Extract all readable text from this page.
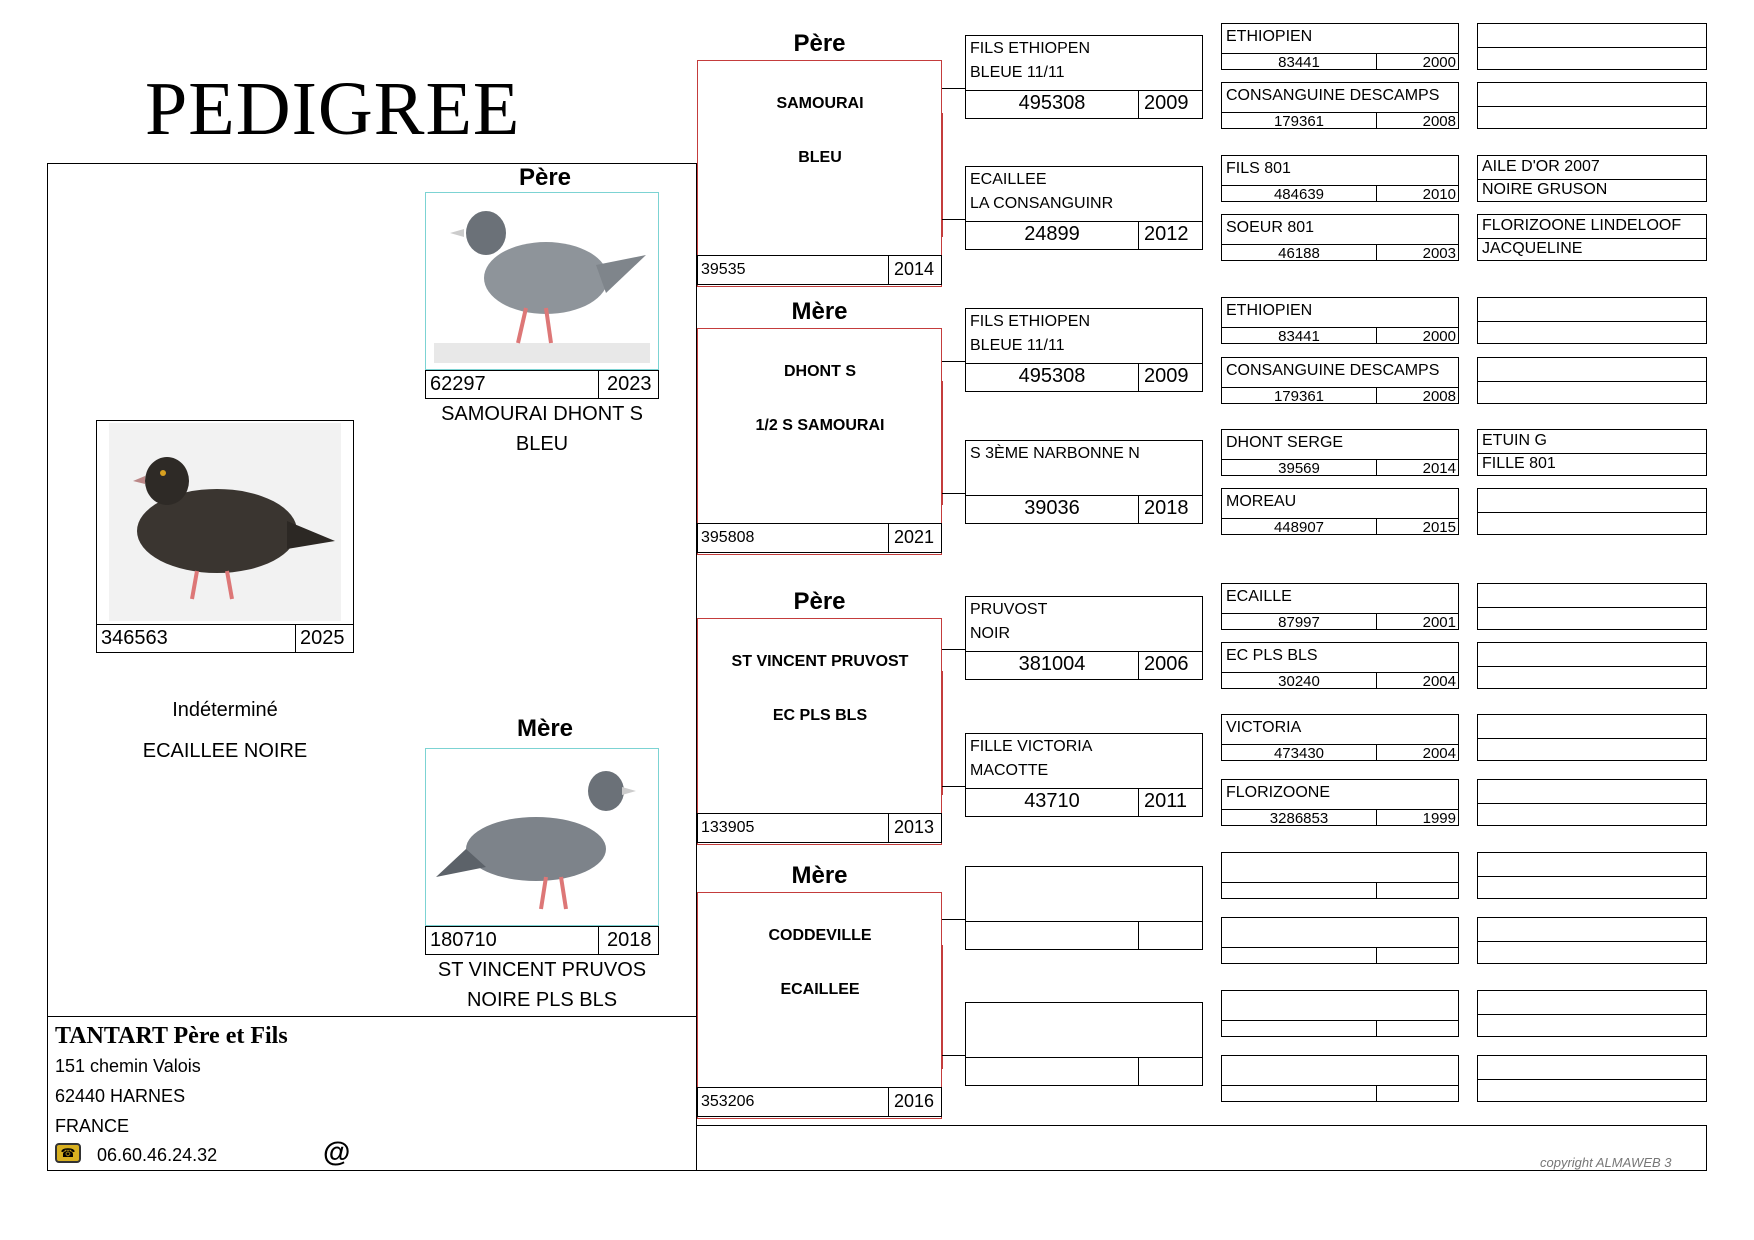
PEDIGREE
copyright ALMAWEB 3
346563	2025
Indéterminé
ECAILLEE NOIRE
Père
62297	2023
SAMOURAI DHONT S
BLEU
Mère
180710	2018
ST VINCENT PRUVOS
NOIRE PLS BLS
TANTART Père et Fils
151 chemin Valois
62440 HARNES
FRANCE
☎	06.60.46.24.32	@
Père
SAMOURAI
BLEU
39535	2014
Mère
DHONT S
1/2 S SAMOURAI
395808	2021
Père
ST VINCENT PRUVOST
EC PLS BLS
133905	2013
Mère
CODDEVILLE
ECAILLEE
353206	2016
FILS ETHIOPEN
BLEUE 11/11
495308	2009
ECAILLEE
LA CONSANGUINR
24899	2012
FILS ETHIOPEN
BLEUE 11/11
495308	2009
S 3ÈME NARBONNE N
39036	2018
PRUVOST
NOIR
381004	2006
FILLE VICTORIA
MACOTTE
43710	2011
ETHIOPIEN
83441	2000
CONSANGUINE DESCAMPS
179361	2008
FILS 801
484639	2010
SOEUR 801
46188	2003
ETHIOPIEN
83441	2000
CONSANGUINE DESCAMPS
179361	2008
DHONT SERGE
39569	2014
MOREAU
448907	2015
ECAILLE
87997	2001
EC PLS BLS
30240	2004
VICTORIA
473430	2004
FLORIZOONE
3286853	1999
AILE D'OR 2007
NOIRE GRUSON
FLORIZOONE LINDELOOF
JACQUELINE
ETUIN G
FILLE 801
